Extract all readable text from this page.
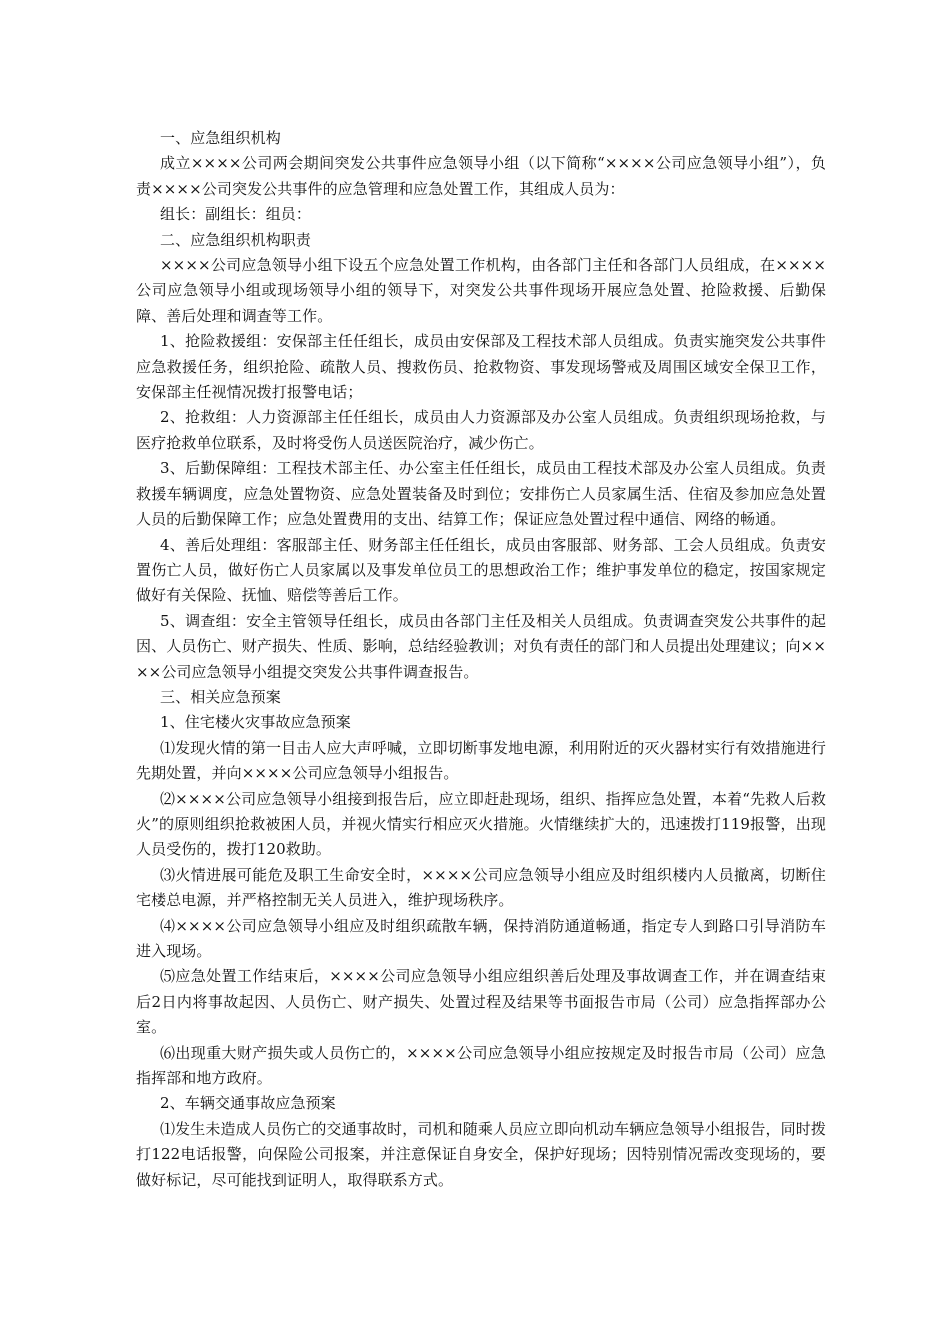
一、应急组织机构

成立××××公司两会期间突发公共事件应急领导小组（以下简称“××××公司应急领导小组”），负责××××公司突发公共事件的应急管理和应急处置工作，其组成人员为：

组长：副组长：组员：

二、应急组织机构职责

××××公司应急领导小组下设五个应急处置工作机构，由各部门主任和各部门人员组成，在××××公司应急领导小组或现场领导小组的领导下，对突发公共事件现场开展应急处置、抢险救援、后勤保障、善后处理和调查等工作。

1、抢险救援组：安保部主任任组长，成员由安保部及工程技术部人员组成。负责实施突发公共事件应急救援任务，组织抢险、疏散人员、搜救伤员、抢救物资、事发现场警戒及周围区域安全保卫工作，安保部主任视情况拨打报警电话；

2、抢救组：人力资源部主任任组长，成员由人力资源部及办公室人员组成。负责组织现场抢救，与医疗抢救单位联系，及时将受伤人员送医院治疗，减少伤亡。

3、后勤保障组：工程技术部主任、办公室主任任组长，成员由工程技术部及办公室人员组成。负责救援车辆调度，应急处置物资、应急处置装备及时到位；安排伤亡人员家属生活、住宿及参加应急处置人员的后勤保障工作；应急处置费用的支出、结算工作；保证应急处置过程中通信、网络的畅通。

4、善后处理组：客服部主任、财务部主任任组长，成员由客服部、财务部、工会人员组成。负责安置伤亡人员，做好伤亡人员家属以及事发单位员工的思想政治工作；维护事发单位的稳定，按国家规定做好有关保险、抚恤、赔偿等善后工作。

5、调查组：安全主管领导任组长，成员由各部门主任及相关人员组成。负责调查突发公共事件的起因、人员伤亡、财产损失、性质、影响，总结经验教训；对负有责任的部门和人员提出处理建议；向××××公司应急领导小组提交突发公共事件调查报告。

三、相关应急预案

1、住宅楼火灾事故应急预案

⑴发现火情的第一目击人应大声呼喊，立即切断事发地电源，利用附近的灭火器材实行有效措施进行先期处置，并向××××公司应急领导小组报告。

⑵××××公司应急领导小组接到报告后，应立即赶赴现场，组织、指挥应急处置，本着“先救人后救火”的原则组织抢救被困人员，并视火情实行相应灭火措施。火情继续扩大的，迅速拨打119报警，出现人员受伤的，拨打120救助。

⑶火情进展可能危及职工生命安全时，××××公司应急领导小组应及时组织楼内人员撤离，切断住宅楼总电源，并严格控制无关人员进入，维护现场秩序。

⑷××××公司应急领导小组应及时组织疏散车辆，保持消防通道畅通，指定专人到路口引导消防车进入现场。

⑸应急处置工作结束后，××××公司应急领导小组应组织善后处理及事故调查工作，并在调查结束后2日内将事故起因、人员伤亡、财产损失、处置过程及结果等书面报告市局（公司）应急指挥部办公室。

⑹出现重大财产损失或人员伤亡的，××××公司应急领导小组应按规定及时报告市局（公司）应急指挥部和地方政府。

2、车辆交通事故应急预案

⑴发生未造成人员伤亡的交通事故时，司机和随乘人员应立即向机动车辆应急领导小组报告，同时拨打122电话报警，向保险公司报案，并注意保证自身安全，保护好现场；因特别情况需改变现场的，要做好标记，尽可能找到证明人，取得联系方式。
